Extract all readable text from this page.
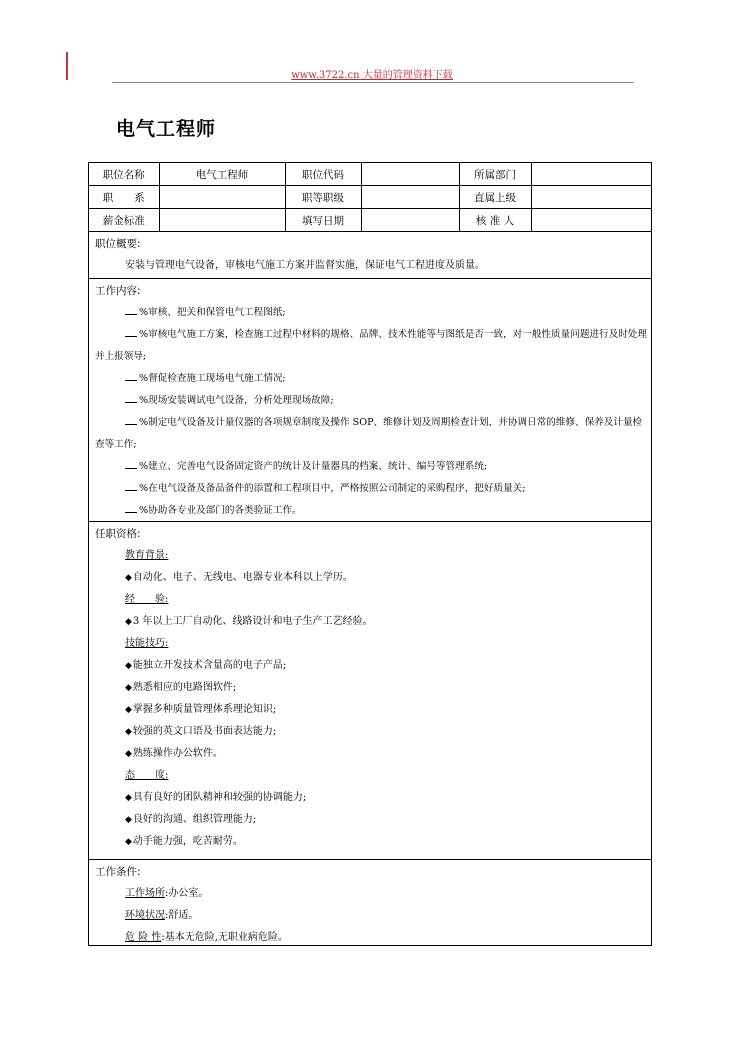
www.3722.cn 大量的管理资料下载
电气工程师
职位名称	电气工程师	职位代码		所属部门	
职　　系		职等职级		直属上级	
薪金标准		填写日期		核 准 人	
职位概要:
安装与管理电气设备，审核电气施工方案并监督实施，保证电气工程进度及质量。
工作内容:
%审核、把关和保管电气工程图纸;
%审核电气施工方案，检查施工过程中材料的规格、品牌、技术性能等与图纸是否一致，对一般性质量问题进行及时处理并上报领导;
%督促检查施工现场电气施工情况;
%现场安装调试电气设备，分析处理现场故障;
%制定电气设备及计量仪器的各项规章制度及操作 SOP、维修计划及周期检查计划，并协调日常的维修、保养及计量检查等工作;
%建立、完善电气设备固定资产的统计及计量器具的档案、统计、编号等管理系统;
%在电气设备及备品备件的添置和工程项目中，严格按照公司制定的采购程序，把好质量关;
%协助各专业及部门的各类验证工作。
任职资格:
教育背景:
◆自动化、电子、无线电、电器专业本科以上学历。
经　　验:
◆3 年以上工厂自动化、线路设计和电子生产工艺经验。
技能技巧:
◆能独立开发技术含量高的电子产品;
◆熟悉相应的电路图软件;
◆掌握多种质量管理体系理论知识;
◆较强的英文口语及书面表达能力;
◆熟练操作办公软件。
态　　度:
◆具有良好的团队精神和较强的协调能力;
◆良好的沟通、组织管理能力;
◆动手能力强，吃苦耐劳。
工作条件:
工作场所:办公室。
环境状况:舒适。
危 险 性:基本无危险,无职业病危险。
